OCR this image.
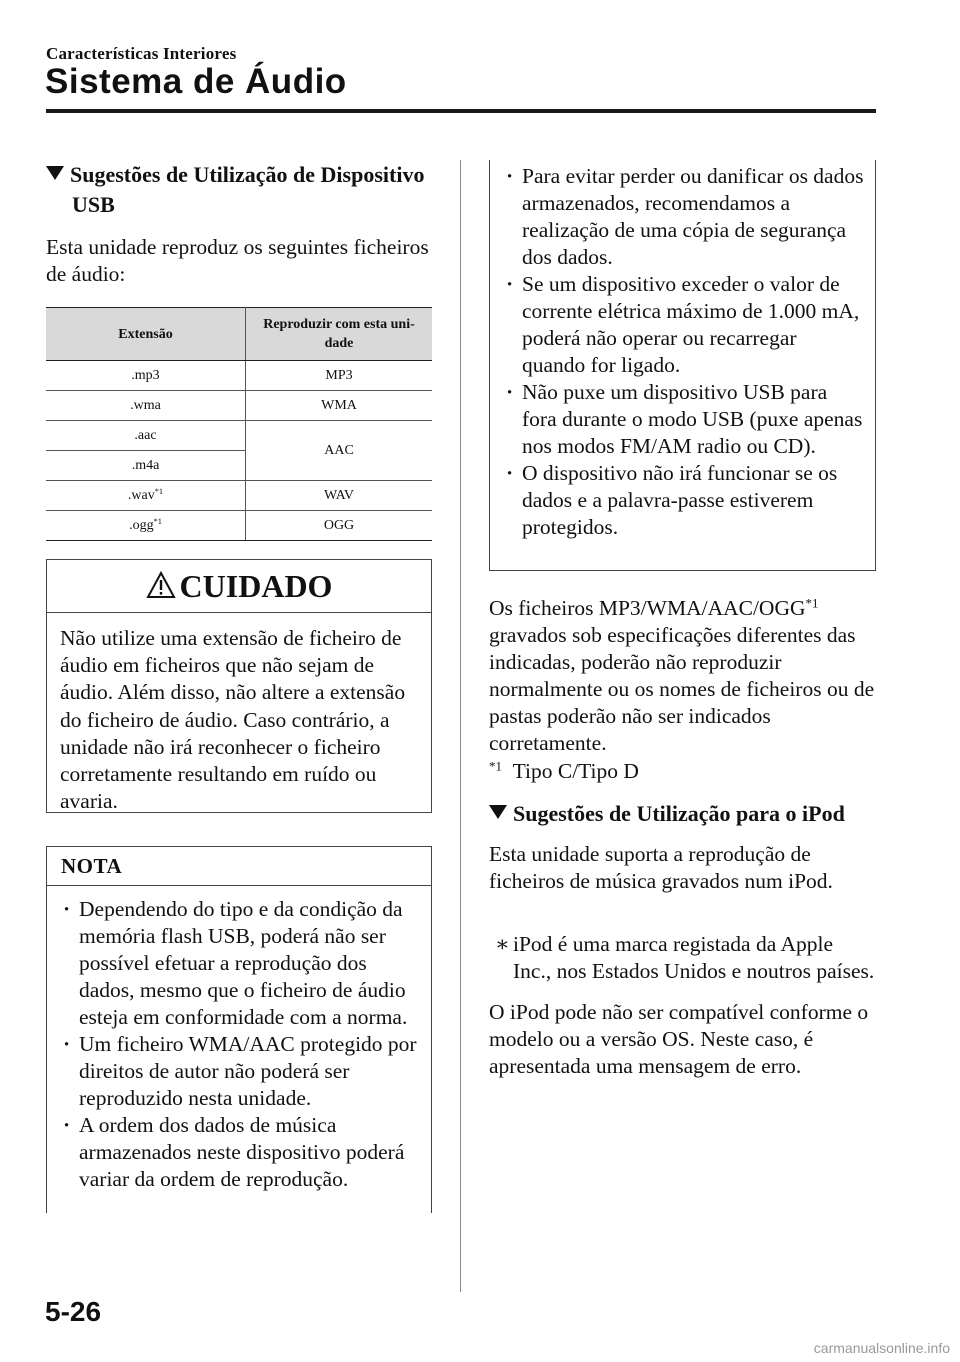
Características Interiores
Sistema de Áudio
Sugestões de Utilização de Dispositivo USB
Esta unidade reproduz os seguintes ficheiros de áudio:
Extensão	Reproduzir com esta uni-dade
.mp3	MP3
.wma	WMA
.aac	AAC
.m4a	
.wav$^{*1}$	WAV
.ogg$^{*1}$	OGG
CUIDADO
Não utilize uma extensão de ficheiro de áudio em ficheiros que não sejam de áudio. Além disso, não altere a extensão do ficheiro de áudio. Caso contrário, a unidade não irá reconhecer o ficheiro corretamente resultando em ruído ou avaria.
NOTA
· Dependendo do tipo e da condição da memória flash USB, poderá não ser possível efetuar a reprodução dos dados, mesmo que o ficheiro de áudio esteja em conformidade com a norma.
· Um ficheiro WMA/AAC protegido por direitos de autor não poderá ser reproduzido nesta unidade.
· A ordem dos dados de música armazenados neste dispositivo poderá variar da ordem de reprodução.
· Para evitar perder ou danificar os dados armazenados, recomendamos a realização de uma cópia de segurança dos dados.
· Se um dispositivo exceder o valor de corrente elétrica máximo de 1.000 mA, poderá não operar ou recarregar quando for ligado.
· Não puxe um dispositivo USB para fora durante o modo USB (puxe apenas nos modos FM/AM radio ou CD).
· O dispositivo não irá funcionar se os dados e a palavra-passe estiverem protegidos.
Os ficheiros MP3/WMA/AAC/OGG$^{*1}$ gravados sob especificações diferentes das indicadas, poderão não reproduzir normalmente ou os nomes de ficheiros ou de pastas poderão não ser indicados corretamente.
$^{*1}$ Tipo C/Tipo D
Sugestões de Utilização para o iPod
Esta unidade suporta a reprodução de ficheiros de música gravados num iPod.
∗ iPod é uma marca registada da Apple Inc., nos Estados Unidos e noutros países.
O iPod pode não ser compatível conforme o modelo ou a versão OS. Neste caso, é apresentada uma mensagem de erro.
5-26
carmanualsonline.info
